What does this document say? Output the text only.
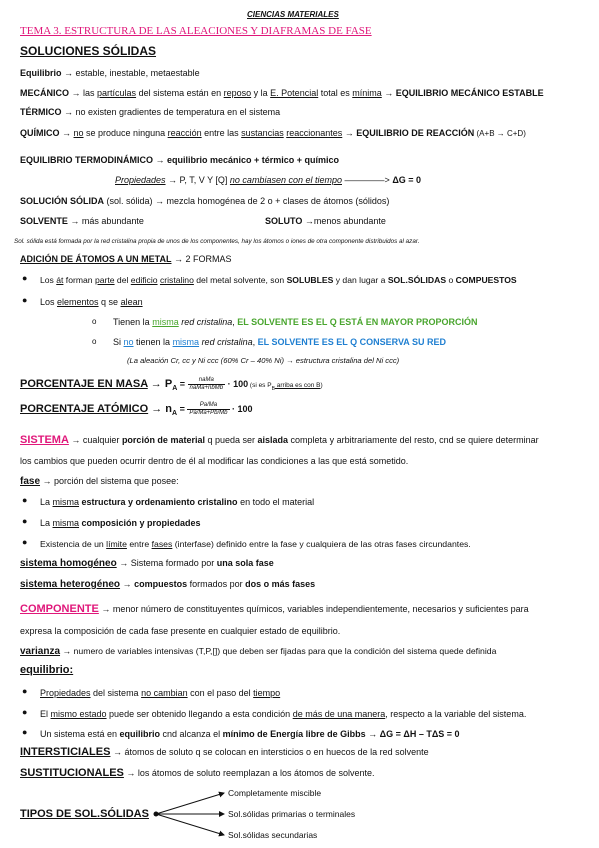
CIENCIAS MATERIALES
TEMA 3. ESTRUCTURA DE LAS ALEACIONES Y DIAFRAMAS DE FASE
SOLUCIONES SÓLIDAS
Equilibrio → estable, inestable, metaestable
MECÁNICO → las partículas del sistema están en reposo y la E. Potencial total es mínima → EQUILIBRIO MECÁNICO ESTABLE
TÉRMICO → no existen gradientes de temperatura en el sistema
QUÍMICO → no se produce ninguna reacción entre las sustancias reaccionantes → EQUILIBRIO DE REACCIÓN (A+B → C+D)
EQUILIBRIO TERMODINÁMICO → equilibrio mecánico + térmico + químico
Propiedades → P, T, V Y [Q] no cambiasen con el tiempo ––––––––> ΔG = 0
SOLUCIÓN SÓLIDA (sol. sólida) → mezcla homogénea de 2 o + clases de átomos (sólidos)
SOLVENTE → más abundante	SOLUTO →menos abundante
Sol. sólida está formada por la red cristalina propia de unos de los componentes, hay los átomos o iones de otra componente distribuidos al azar.
ADICIÓN DE ÁTOMOS A UN METAL → 2 FORMAS
● Los át forman parte del edificio cristalino del metal solvente, son SOLUBLES y dan lugar a SOL.SÓLIDAS o COMPUESTOS
● Los elementos q se alean
o Tienen la misma red cristalina, EL SOLVENTE ES EL Q ESTÁ EN MAYOR PROPORCIÓN
o Si no tienen la misma red cristalina, EL SOLVENTE ES EL Q CONSERVA SU RED
(La aleación Cr, cc y Ni ccc (60% Cr – 40% Ni) → estructura cristalina del Ni ccc)
PORCENTAJE EN MASA → $P_A = \frac{\text{naMa}}{\text{naMa+nbMb}} \cdot 100$ (si es $P_B$ arriba es con B)
PORCENTAJE ATÓMICO → $n_A = \frac{Pa/Ma}{Pa/Ma+Pb/Mb} \cdot 100$
SISTEMA → cualquier porción de material q pueda ser aislada completa y arbitrariamente del resto, cnd se quiere determinar
los cambios que pueden ocurrir dentro de él al modificar las condiciones a las que está sometido.
fase → porción del sistema que posee:
● La misma estructura y ordenamiento cristalino en todo el material
● La misma composición y propiedades
● Existencia de un límite entre fases (interfase) definido entre la fase y cualquiera de las otras fases circundantes.
sistema homogéneo → Sistema formado por una sola fase
sistema heterogéneo → compuestos formados por dos o más fases
COMPONENTE → menor número de constituyentes químicos, variables independientemente, necesarios y suficientes para
expresa la composición de cada fase presente en cualquier estado de equilibrio.
varianza → numero de variables intensivas (T,P,[]) que deben ser fijadas para que la condición del sistema quede definida
equilibrio:
● Propiedades del sistema no cambian con el paso del tiempo
● El mismo estado puede ser obtenido llegando a esta condición de más de una manera, respecto a la variable del sistema.
● Un sistema está en equilibrio cnd alcanza el mínimo de Energía libre de Gibbs → ΔG = ΔH – TΔS = 0
INTERSTICIALES → átomos de soluto q se colocan en intersticios o en huecos de la red solvente
SUSTITUCIONALES → los átomos de soluto reemplazan a los átomos de solvente.
TIPOS DE SOL.SÓLIDAS
Completamente miscible
Sol.sólidas primarias o terminales
Sol.sólidas secundarias
